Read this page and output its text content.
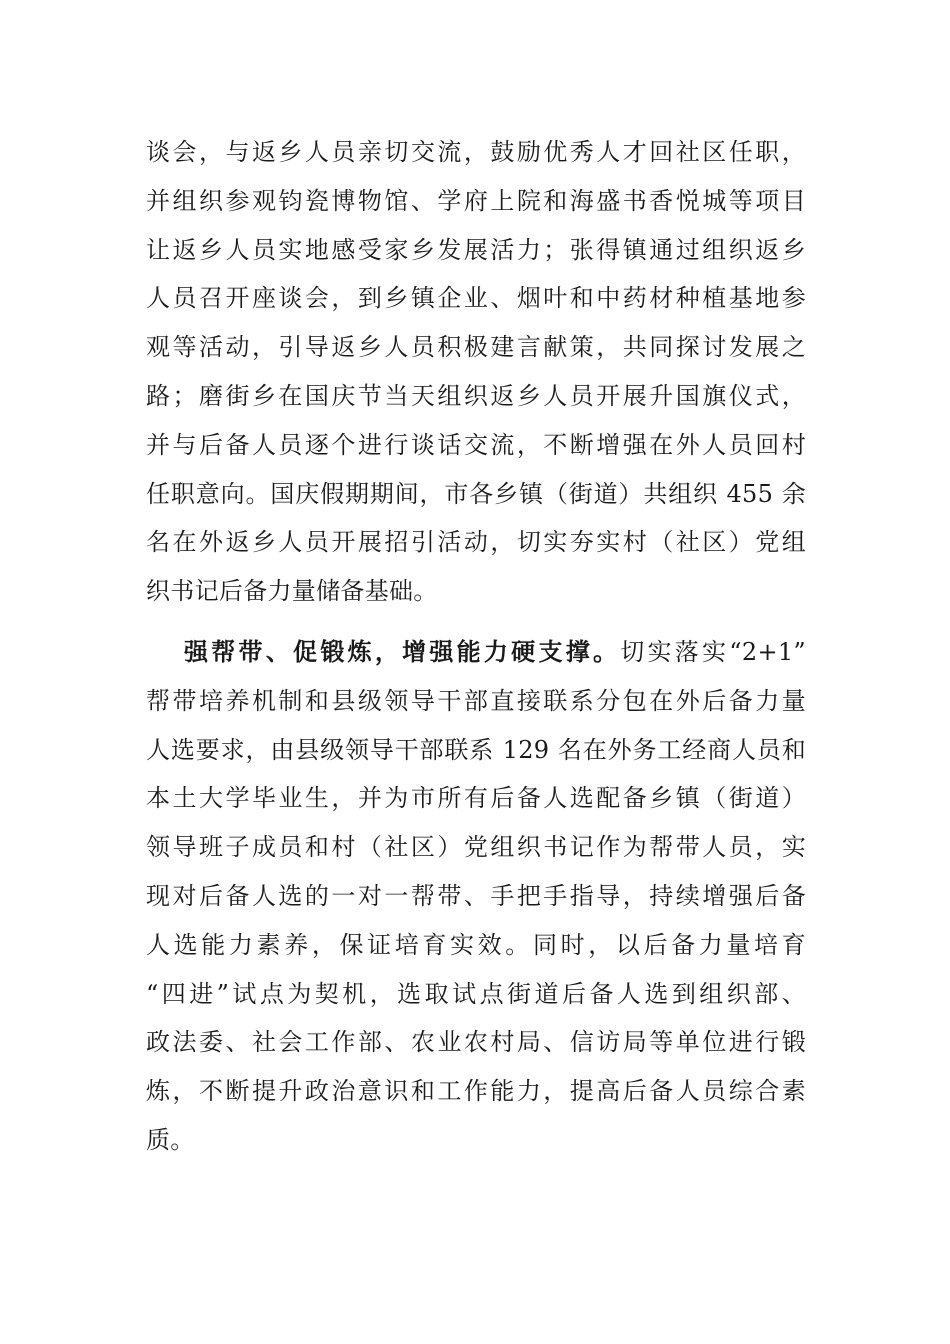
谈会，与返乡人员亲切交流，鼓励优秀人才回社区任职，
并组织参观钧瓷博物馆、学府上院和海盛书香悦城等项目
让返乡人员实地感受家乡发展活力；张得镇通过组织返乡
人员召开座谈会，到乡镇企业、烟叶和中药材种植基地参
观等活动，引导返乡人员积极建言献策，共同探讨发展之
路；磨街乡在国庆节当天组织返乡人员开展升国旗仪式，
并与后备人员逐个进行谈话交流，不断增强在外人员回村
任职意向。国庆假期期间，市各乡镇（街道）共组织 455 余
名在外返乡人员开展招引活动，切实夯实村（社区）党组
织书记后备力量储备基础。
强帮带、促锻炼，增强能力硬支撑。切实落实“2+1”
帮带培养机制和县级领导干部直接联系分包在外后备力量
人选要求，由县级领导干部联系 129 名在外务工经商人员和
本土大学毕业生，并为市所有后备人选配备乡镇（街道）
领导班子成员和村（社区）党组织书记作为帮带人员，实
现对后备人选的一对一帮带、手把手指导，持续增强后备
人选能力素养，保证培育实效。同时，以后备力量培育
“四进”试点为契机，选取试点街道后备人选到组织部、
政法委、社会工作部、农业农村局、信访局等单位进行锻
炼，不断提升政治意识和工作能力，提高后备人员综合素
质。
